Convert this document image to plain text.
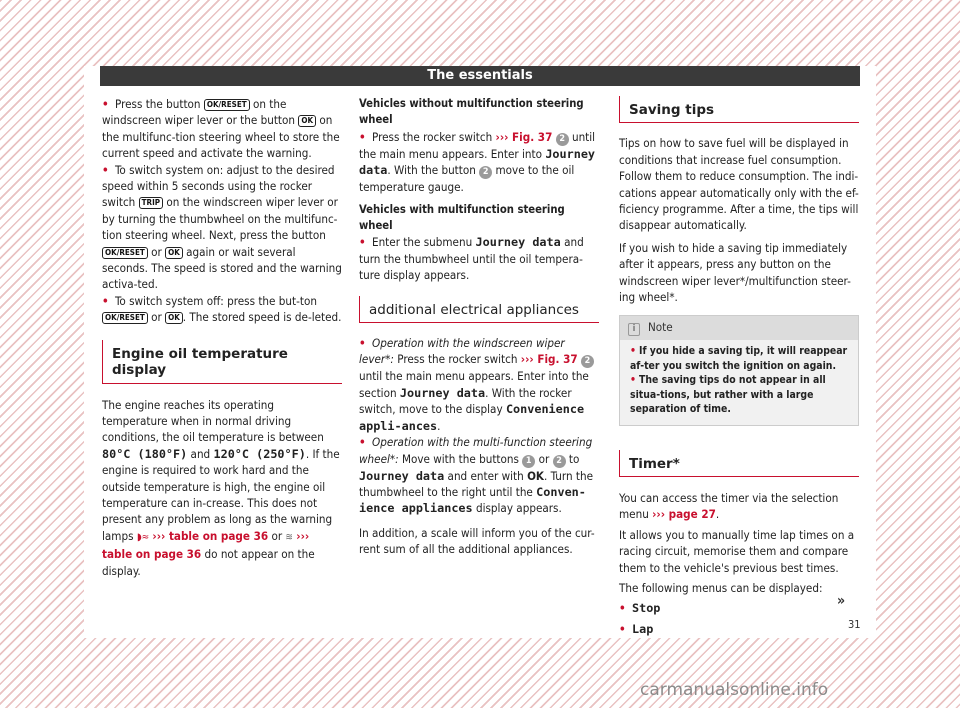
The essentials

• Press the button OK/RESET on the windscreen wiper lever or the button OK on the multifunc-tion steering wheel to store the current speed and activate the warning.

• To switch system on: adjust to the desired speed within 5 seconds using the rocker switch TRIP on the windscreen wiper lever or by turning the thumbwheel on the multifunc-tion steering wheel. Next, press the button OK/RESET or OK again or wait several seconds. The speed is stored and the warning activa-ted.

• To switch system off: press the but-ton OK/RESET or OK . The stored speed is de-leted.

Engine oil temperature display

The engine reaches its operating temperature when in normal driving conditions, the oil temperature is between 80°C (180°F) and 120°C (250°F). If the engine is required to work hard and the outside temperature is high, the engine oil temperature can in-crease. This does not present any problem as long as the warning lamps ◗≈ ››› table on page 36 or ≋ ››› table on page 36 do not appear on the display.

Vehicles without multifunction steering wheel

• Press the rocker switch ››› Fig. 37 2 until the main menu appears. Enter into Journey data. With the button 2 move to the oil temperature gauge.

Vehicles with multifunction steering wheel

• Enter the submenu Journey data and turn the thumbwheel until the oil tempera-ture display appears.

additional electrical appliances

• Operation with the windscreen wiper lever*: Press the rocker switch ››› Fig. 37 2 until the main menu appears. Enter into the section Journey data. With the rocker switch, move to the display Convenience appli-ances.

• Operation with the multi-function steering wheel*: Move with the buttons 1 or 2 to Journey data and enter with OK. Turn the thumbwheel to the right until the Conven-ience appliances display appears.

In addition, a scale will inform you of the cur-rent sum of all the additional appliances.

Saving tips

Tips on how to save fuel will be displayed in conditions that increase fuel consumption. Follow them to reduce consumption. The indi-cations appear automatically only with the ef-ficiency programme. After a time, the tips will disappear automatically.

If you wish to hide a saving tip immediately after it appears, press any button on the windscreen wiper lever*/multifunction steer-ing wheel*.

i Note

• If you hide a saving tip, it will reappear af-ter you switch the ignition on again.

• The saving tips do not appear in all situa-tions, but rather with a large separation of time.

Timer*

You can access the timer via the selection menu ››› page 27.

It allows you to manually time lap times on a racing circuit, memorise them and compare them to the vehicle's previous best times.

The following menus can be displayed:

• Stop

• Lap

»
31
carmanualsonline.info
